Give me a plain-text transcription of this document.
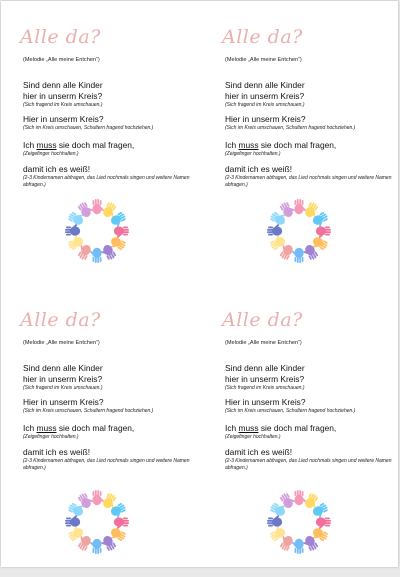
Alle da?
(Melodie „Alle meine Entchen“)
Sind denn alle Kinder
hier in unserm Kreis?
(Sich fragend im Kreis umschauen.)
Hier in unserm Kreis?
(Sich im Kreis umschauen, Schultern fragend hochziehen.)
Ich muss sie doch mal fragen,
(Zeigefinger hochhalten.)
damit ich es weiß!
(2-3 Kindernamen abfragen, das Lied nochmals singen und weitere Namen abfragen.)
Alle da?
(Melodie „Alle meine Entchen“)
Sind denn alle Kinder
hier in unserm Kreis?
(Sich fragend im Kreis umschauen.)
Hier in unserm Kreis?
(Sich im Kreis umschauen, Schultern fragend hochziehen.)
Ich muss sie doch mal fragen,
(Zeigefinger hochhalten.)
damit ich es weiß!
(2-3 Kindernamen abfragen, das Lied nochmals singen und weitere Namen abfragen.)
Alle da?
(Melodie „Alle meine Entchen“)
Sind denn alle Kinder
hier in unserm Kreis?
(Sich fragend im Kreis umschauen.)
Hier in unserm Kreis?
(Sich im Kreis umschauen, Schultern fragend hochziehen.)
Ich muss sie doch mal fragen,
(Zeigefinger hochhalten.)
damit ich es weiß!
(2-3 Kindernamen abfragen, das Lied nochmals singen und weitere Namen abfragen.)
Alle da?
(Melodie „Alle meine Entchen“)
Sind denn alle Kinder
hier in unserm Kreis?
(Sich fragend im Kreis umschauen.)
Hier in unserm Kreis?
(Sich im Kreis umschauen, Schultern fragend hochziehen.)
Ich muss sie doch mal fragen,
(Zeigefinger hochhalten.)
damit ich es weiß!
(2-3 Kindernamen abfragen, das Lied nochmals singen und weitere Namen abfragen.)
